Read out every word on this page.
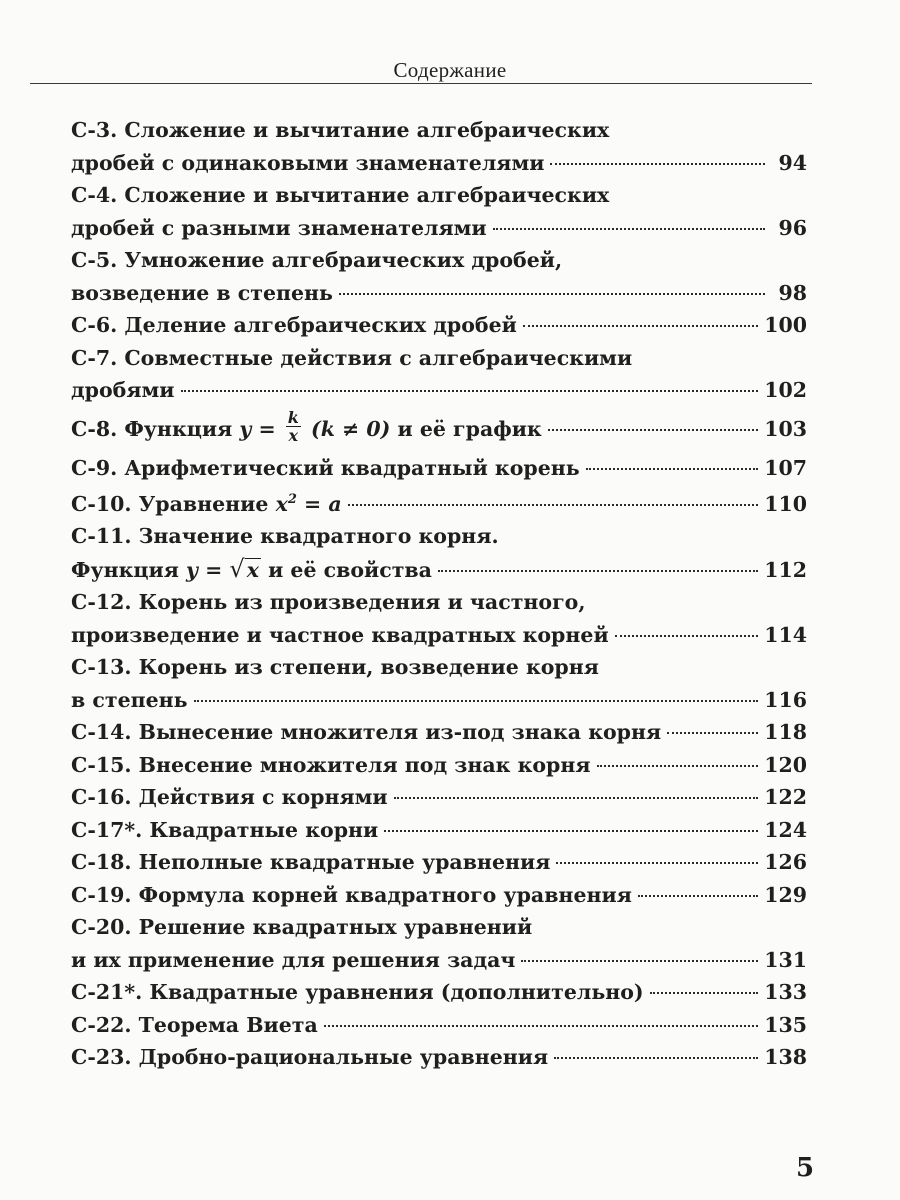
Содержание
С-3. Сложение и вычитание алгебраических
дробей с одинаковыми знаменателями	94
С-4. Сложение и вычитание алгебраических
дробей с разными знаменателями	96
С-5. Умножение алгебраических дробей,
возведение в степень	98
С-6. Деление алгебраических дробей	100
С-7. Совместные действия с алгебраическими
дробями	102
С-8. Функция $y = \frac{k}{x} (k \ne 0)$ и её график	103
С-9. Арифметический квадратный корень	107
С-10. Уравнение $x^2 = a$	110
С-11. Значение квадратного корня.
Функция y = √ x и её свойства	112
С-12. Корень из произведения и частного,
произведение и частное квадратных корней	114
С-13. Корень из степени, возведение корня
в степень	116
С-14. Вынесение множителя из-под знака корня	118
С-15. Внесение множителя под знак корня	120
С-16. Действия с корнями	122
С-17*. Квадратные корни	124
С-18. Неполные квадратные уравнения	126
С-19. Формула корней квадратного уравнения	129
С-20. Решение квадратных уравнений
и их применение для решения задач	131
С-21*. Квадратные уравнения (дополнительно)	133
С-22. Теорема Виета	135
С-23. Дробно-рациональные уравнения	138
5
